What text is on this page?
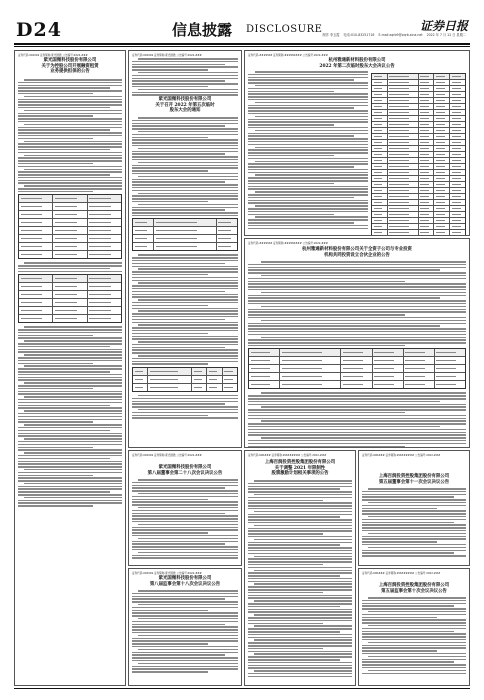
D24	信息披露 DISCLOSURE	证券日报
制作 李玉霞 电话:010-83251716 E-mail:zqrb9@zqrb.sina.net 2022 年 7 月 12 日 星期二
证券代码:002049 证券简称:紫光国微 公告编号:2022-###
紫光国微科技股份有限公司
关于为控股公司开展融资租赁
业务提供担保的公告
证券代码:002049 证券简称:紫光国微 公告编号:2022-###
紫光国微科技股份有限公司
关于召开 2022 年第五次临时
股东大会的通知
证券代码:002049 证券简称:紫光国微 公告编号:2022-###
紫光国微科技股份有限公司
第八届董事会第二十八次会议决议公告
证券代码:002049 证券简称:紫光国微 公告编号:2022-###
紫光国微科技股份有限公司
第八届监事会第十八次会议决议公告
证券代码:###### 证券简称:######## 公告编号:2022-###
杭州雅通新材料股份有限公司
2022 年第二次临时股东大会决议公告
证券代码:###### 证券简称:######## 公告编号:2022-###
杭州雅通新材料股份有限公司关于全资子公司与专业投资
机构共同投资设立合伙企业的公告
证券代码:600### 证券简称:######## 公告编号:2022-###
上海百润投资控股集团股份有限公司
关于调整 2021 年限制性
股票激励计划相关事项的公告
证券代码:600### 证券简称:######## 公告编号:2022-###
上海百润投资控股集团股份有限公司
第五届董事会第十一次会议决议公告
证券代码:600### 证券简称:######## 公告编号:2022-###
上海百润投资控股集团股份有限公司
第五届监事会第十次会议决议公告
